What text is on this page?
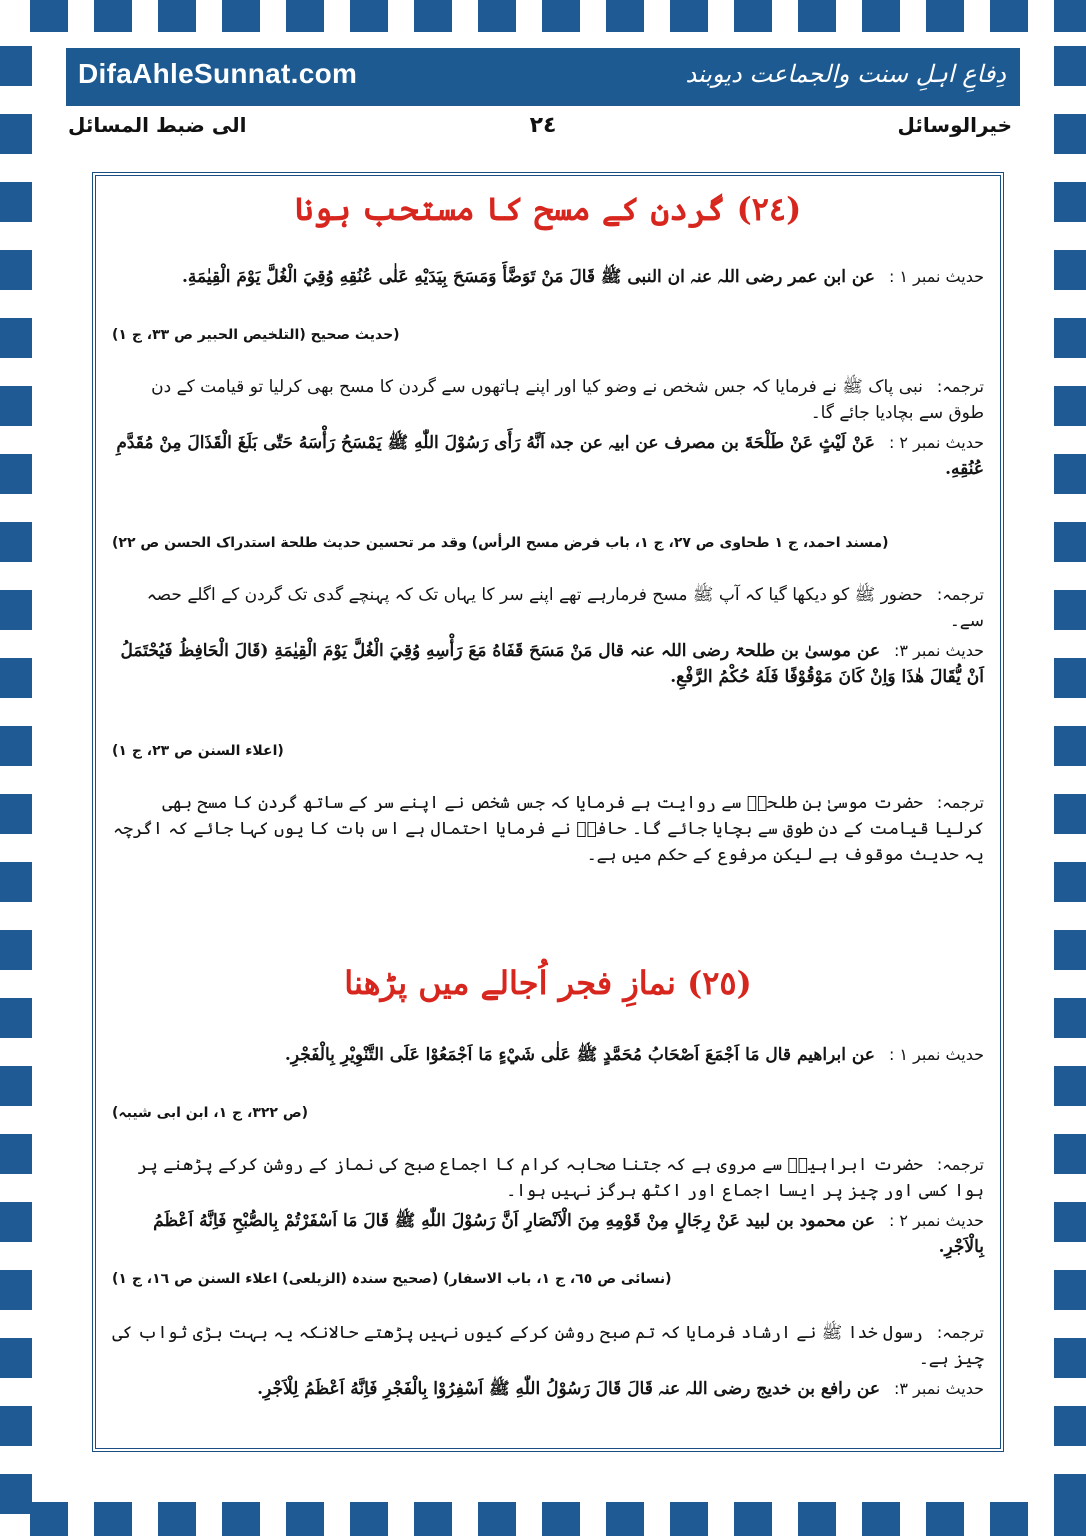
DifaAhleSunnat.com	دِفاعِ اہلِ سنت والجماعت دیوبند
٢٤	خیرالوسائل
الی ضبط المسائل
(٢٤) گردن کے مسح کا مستحب ہونا
حدیث نمبر ۱ :عن ابن عمر رضی اللہ عنہ ان النبی ﷺ قَالَ مَنْ تَوَضَّأَ وَمَسَحَ بِيَدَيْهِ عَلٰى عُنُقِهِ وُقِيَ الْغُلَّ يَوْمَ الْقِيٰمَةِ.
(حدیث صحیح (التلخیص الحبیر ص ٣٣، ج ١)
ترجمہ:نبی پاک ﷺ نے فرمایا کہ جس شخص نے وضو کیا اور اپنے ہاتھوں سے گردن کا مسح بھی کرلیا تو قیامت کے دن طوق سے بچادیا جائے گا۔
حدیث نمبر ٢ :عَنْ لَيْثٍ عَنْ طَلْحَةَ بن مصرف عن ابیہ عن جدہ اَنَّهُ رَأَى رَسُوْلَ اللّٰهِ ﷺ يَمْسَحُ رَأْسَهُ حَتّٰى بَلَغَ الْقَذَالَ مِنْ مُقَدَّمِ عُنُقِهِ.
(مسند احمد، ج ١ طحاوی ص ٢٧، ج ١، باب فرض مسح الرأس) وقد مر تحسین حدیث طلحة استدراک الحسن ص ٢٢)
ترجمہ:حضور ﷺ کو دیکھا گیا کہ آپ ﷺ مسح فرمارہے تھے اپنے سر کا یہاں تک کہ پہنچے گدی تک گردن کے اگلے حصہ سے۔
حدیث نمبر ٣:عن موسیٰ بن طلحۃ رضی اللہ عنہ قال مَنْ مَسَحَ قَفَاهُ مَعَ رَأْسِهِ وُقِيَ الْغُلَّ يَوْمَ الْقِيٰمَةِ (قَالَ الْحَافِظُ فَيُحْتَمَلُ اَنْ يُّقَالَ هٰذَا وَاِنْ كَانَ مَوْقُوْفًا فَلَهُ حُكْمُ الرَّفْعِ.
(اعلاء السنن ص ٢٣، ج ١)
ترجمہ:حضرت موسیٰ بن طلحہؒ سے روایت ہے فرمایا کہ جس شخص نے اپنے سر کے ساتھ گردن کا مسح بھی کرلیا قیامت کے دن طوق سے بچایا جائے گا۔ حافظؒ نے فرمایا احتمال ہے اس بات کا یوں کہا جائے کہ اگرچہ یہ حدیث موقوف ہے لیکن مرفوع کے حکم میں ہے۔
(٢٥) نمازِ فجر اُجالے میں پڑھنا
حدیث نمبر ۱ :عن ابراهیم قال مَا اَجْمَعَ اَصْحَابُ مُحَمَّدٍ ﷺ عَلٰى شَيْءٍ مَا اَجْمَعُوْا عَلَى التَّنْوِيْرِ بِالْفَجْرِ.
(ص ٣٢٢، ج ١، ابن ابی شیبہ)
ترجمہ:حضرت ابراہیمؒ سے مروی ہے کہ جتنا صحابہ کرام کا اجماع صبح کی نماز کے روشن کرکے پڑھنے پر ہوا کسی اور چیز پر ایسا اجماع اور اکٹھ ہرگز نہیں ہوا۔
حدیث نمبر ٢ :عن محمود بن لبید عَنْ رِجَالٍ مِنْ قَوْمِهِ مِنَ الْاَنْصَارِ اَنَّ رَسُوْلَ اللّٰهِ ﷺ قَالَ مَا اَسْفَرْتُمْ بِالصُّبْحِ فَاِنَّهُ اَعْظَمُ بِالْاَجْرِ.
(نسائی ص ٦٥، ج ١، باب الاسفار) (صحیح سندہ (الزیلعی) اعلاء السنن ص ١٦، ج ١)
ترجمہ:رسول خدا ﷺ نے ارشاد فرمایا کہ تم صبح روشن کرکے کیوں نہیں پڑھتے حالانکہ یہ بہت بڑی ثواب کی چیز ہے۔
حدیث نمبر ٣:عن رافع بن خدیج رضی اللہ عنہ قَالَ قَالَ رَسُوْلُ اللّٰهِ ﷺ اَسْفِرُوْا بِالْفَجْرِ فَاِنَّهُ اَعْظَمُ لِلْاَجْرِ.
